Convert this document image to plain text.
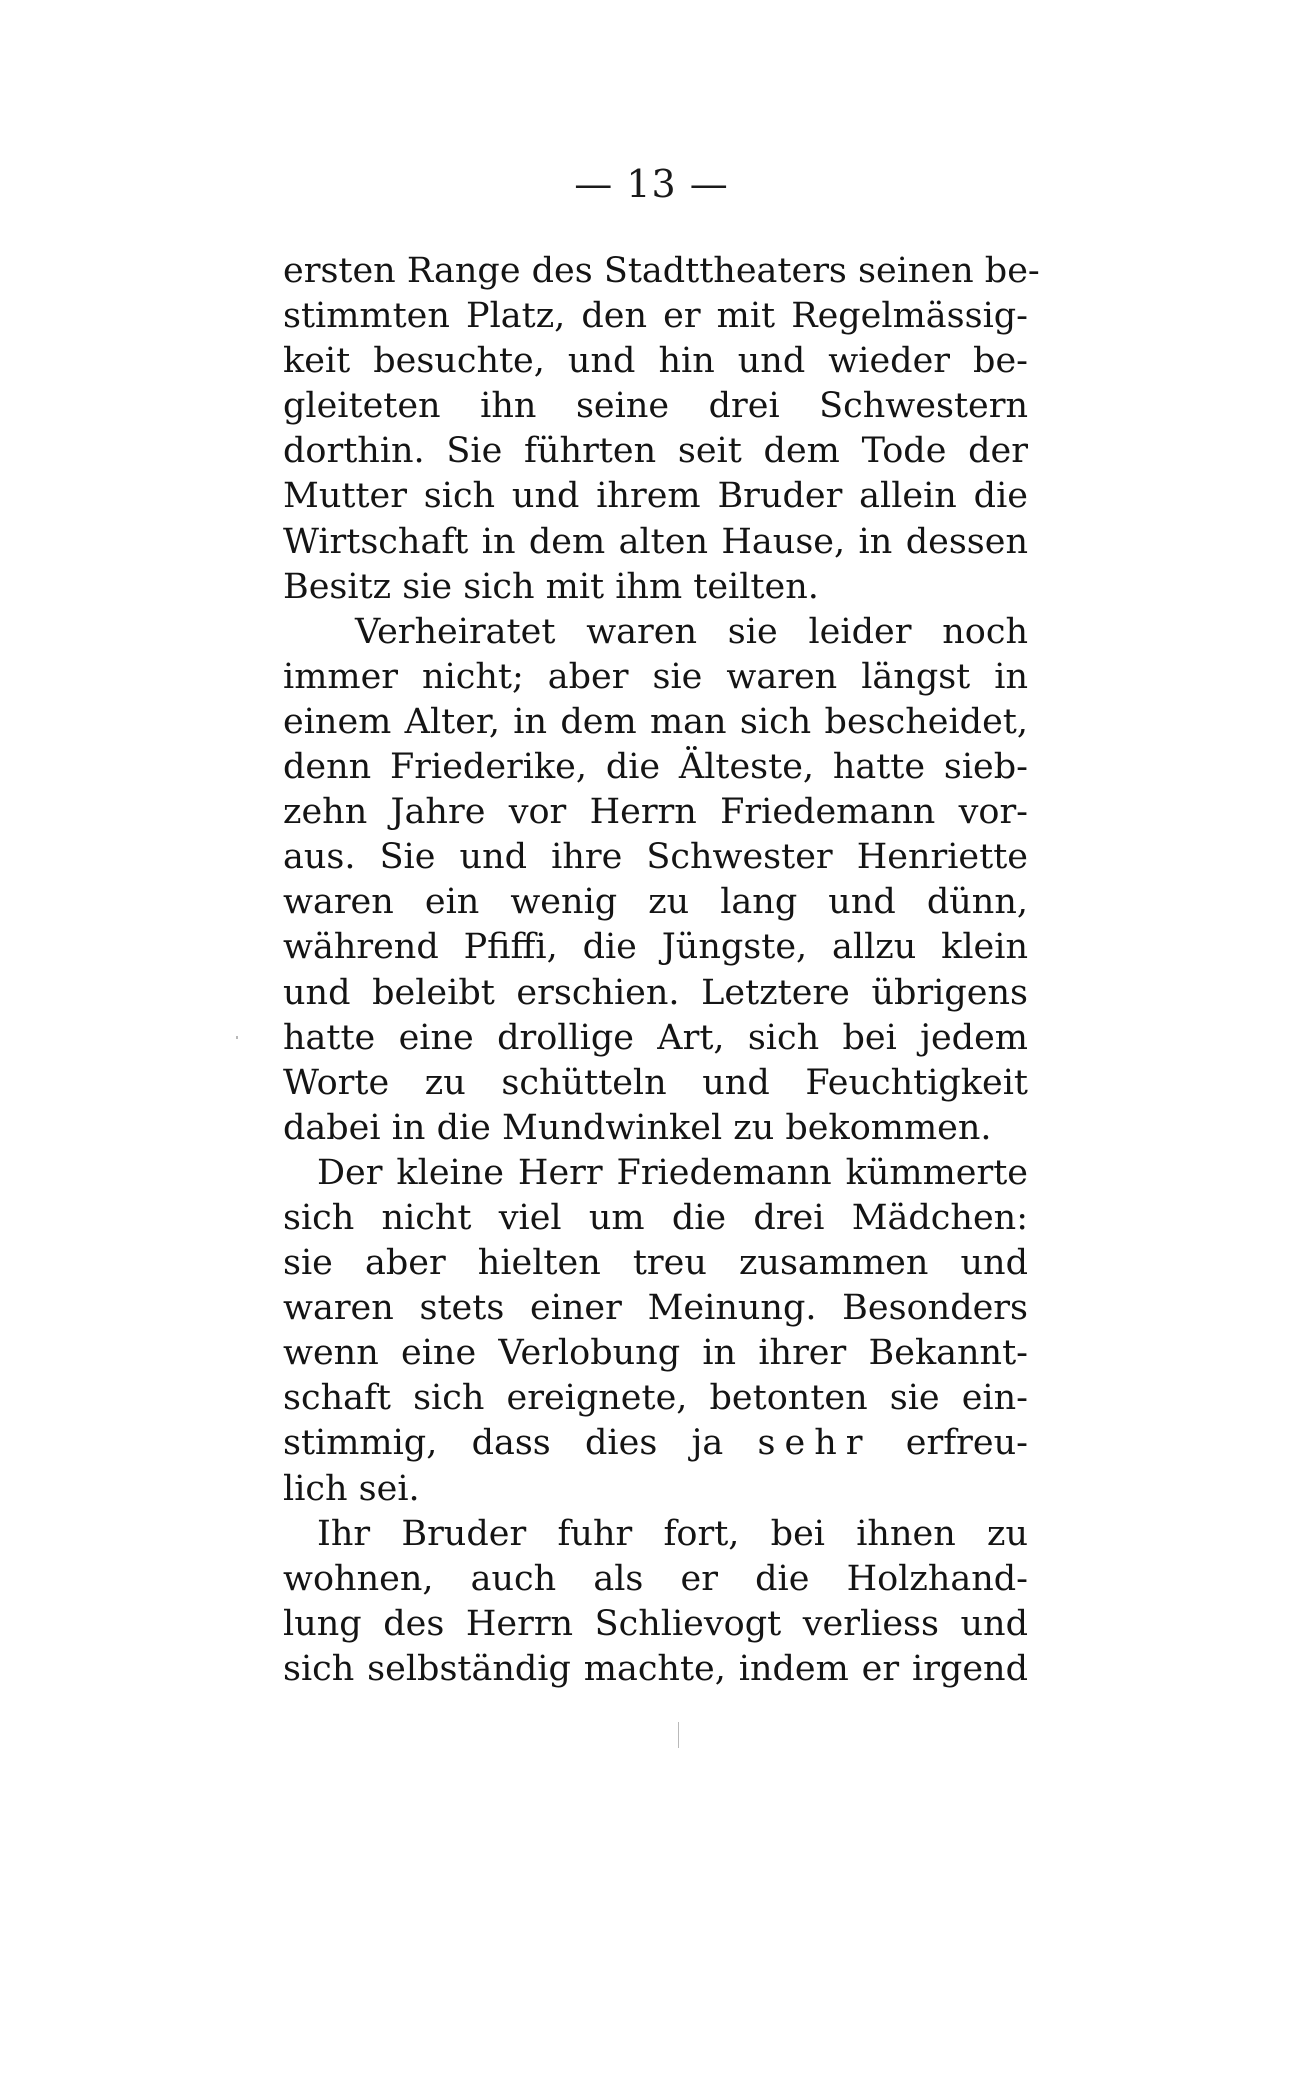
— 13 —
ersten Range des Stadttheaters seinen be-
stimmten Platz, den er mit Regelmässig-
keit besuchte, und hin und wieder be-
gleiteten ihn seine drei Schwestern
dorthin. Sie führten seit dem Tode der
Mutter sich und ihrem Bruder allein die
Wirtschaft in dem alten Hause, in dessen
Besitz sie sich mit ihm teilten.
Verheiratet waren sie leider noch
immer nicht; aber sie waren längst in
einem Alter, in dem man sich bescheidet,
denn Friederike, die Älteste, hatte sieb-
zehn Jahre vor Herrn Friedemann vor-
aus. Sie und ihre Schwester Henriette
waren ein wenig zu lang und dünn,
während Pfiffi, die Jüngste, allzu klein
und beleibt erschien. Letztere übrigens
hatte eine drollige Art, sich bei jedem
Worte zu schütteln und Feuchtigkeit
dabei in die Mundwinkel zu bekommen.
Der kleine Herr Friedemann kümmerte
sich nicht viel um die drei Mädchen:
sie aber hielten treu zusammen und
waren stets einer Meinung. Besonders
wenn eine Verlobung in ihrer Bekannt-
schaft sich ereignete, betonten sie ein-
stimmig, dass dies ja sehr erfreu-
lich sei.
Ihr Bruder fuhr fort, bei ihnen zu
wohnen, auch als er die Holzhand-
lung des Herrn Schlievogt verliess und
sich selbständig machte, indem er irgend
